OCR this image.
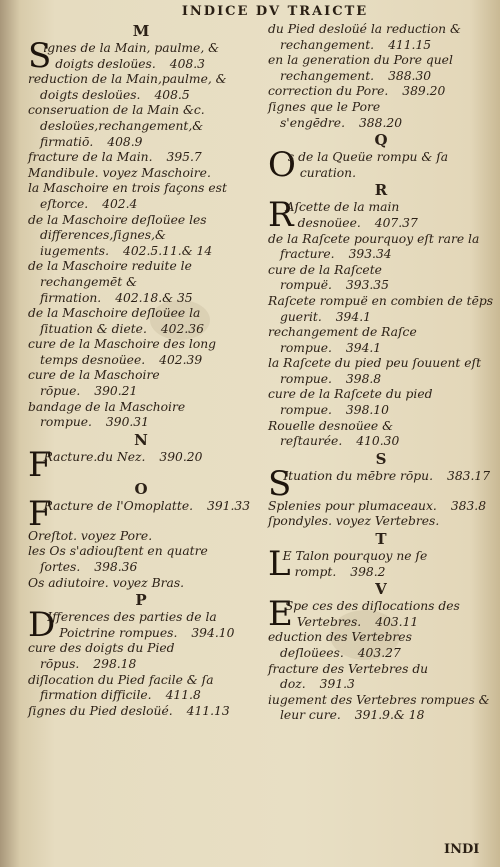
INDICE DV TRAICTE
M
S
ignes de la Main, paulme, & doigts desloües. 408.3
reduction de la Main,paulme, & doigts desloües. 408.5
conseruation de la Main &c. desloües,rechangement,& firmatiō. 408.9
fracture de la Main. 395.7
Mandibule. voyez Maschoire.
la Maschoire en trois façons est eſtorce. 402.4
de la Maschoire deſloüee les differences,ſignes,& iugements. 402.5.11.& 14
de la Maschoire reduite le rechangemēt & firmation. 402.18.& 35
de la Maschoire deſloüee la ſituation & diete. 402.36
cure de la Maschoire des long temps desnoüee. 402.39
cure de la Maschoire rōpue. 390.21
bandage de la Maschoire rompue. 390.31
N
F
Racture.du Nez. 390.20
O
F
Racture de l'Omoplatte. 391.33
Oreſtot. voyez Pore.
les Os s'adiouſtent en quatre ſortes. 398.36
Os adiutoire. voyez Bras.
P
D
Ifferences des parties de la Poictrine rompues. 394.10
cure des doigts du Pied rōpus. 298.18
diſlocation du Pied facile & ſa firmation difficile. 411.8
ſignes du Pied desloüé. 411.13
du Pied desloüé la reduction & rechangement. 411.15
en la generation du Pore quel rechangement. 388.30
correction du Pore. 389.20
ſignes que le Pore s'engēdre. 388.20
Q
O
s de la Queüe rompu & ſa curation.
R
R
Aſcette de la main desnoüee. 407.37
de la Raſcete pourquoy eſt rare la fracture. 393.34
cure de la Raſcete rompuë. 393.35
Raſcete rompuë en combien de tēps guerit. 394.1
rechangement de Raſce rompue. 394.1
la Raſcete du pied peu ſouuent eſt rompue. 398.8
cure de la Raſcete du pied rompue. 398.10
Rouelle desnoüee & reſtaurée. 410.30
S
S
Ituation du mēbre rōpu. 383.17
Splenies pour plumaceaux. 383.8
ſpondyles. voyez Vertebres.
T
L
E Talon pourquoy ne ſe rompt. 398.2
V
E
Spe ces des diſlocations des Vertebres. 403.11
eduction des Vertebres deſloüees. 403.27
fracture des Vertebres du doz. 391.3
iugement des Vertebres rompues & leur cure. 391.9.& 18
INDI
